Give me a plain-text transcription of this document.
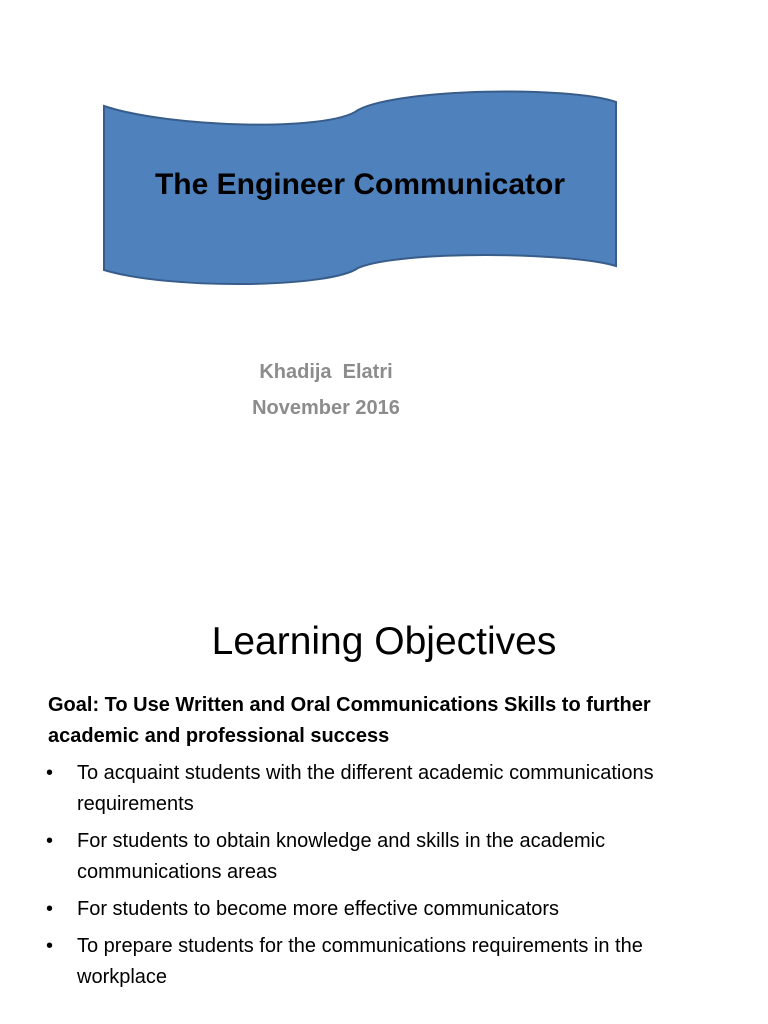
The Engineer Communicator
Khadija  Elatri
November 2016
Learning Objectives
Goal: To Use Written and Oral Communications Skills to further academic and professional success
• To acquaint students with the different academic communications requirements
• For students to obtain knowledge and skills in the academic communications areas
• For students to become more effective communicators
• To prepare students for the communications requirements in the workplace
